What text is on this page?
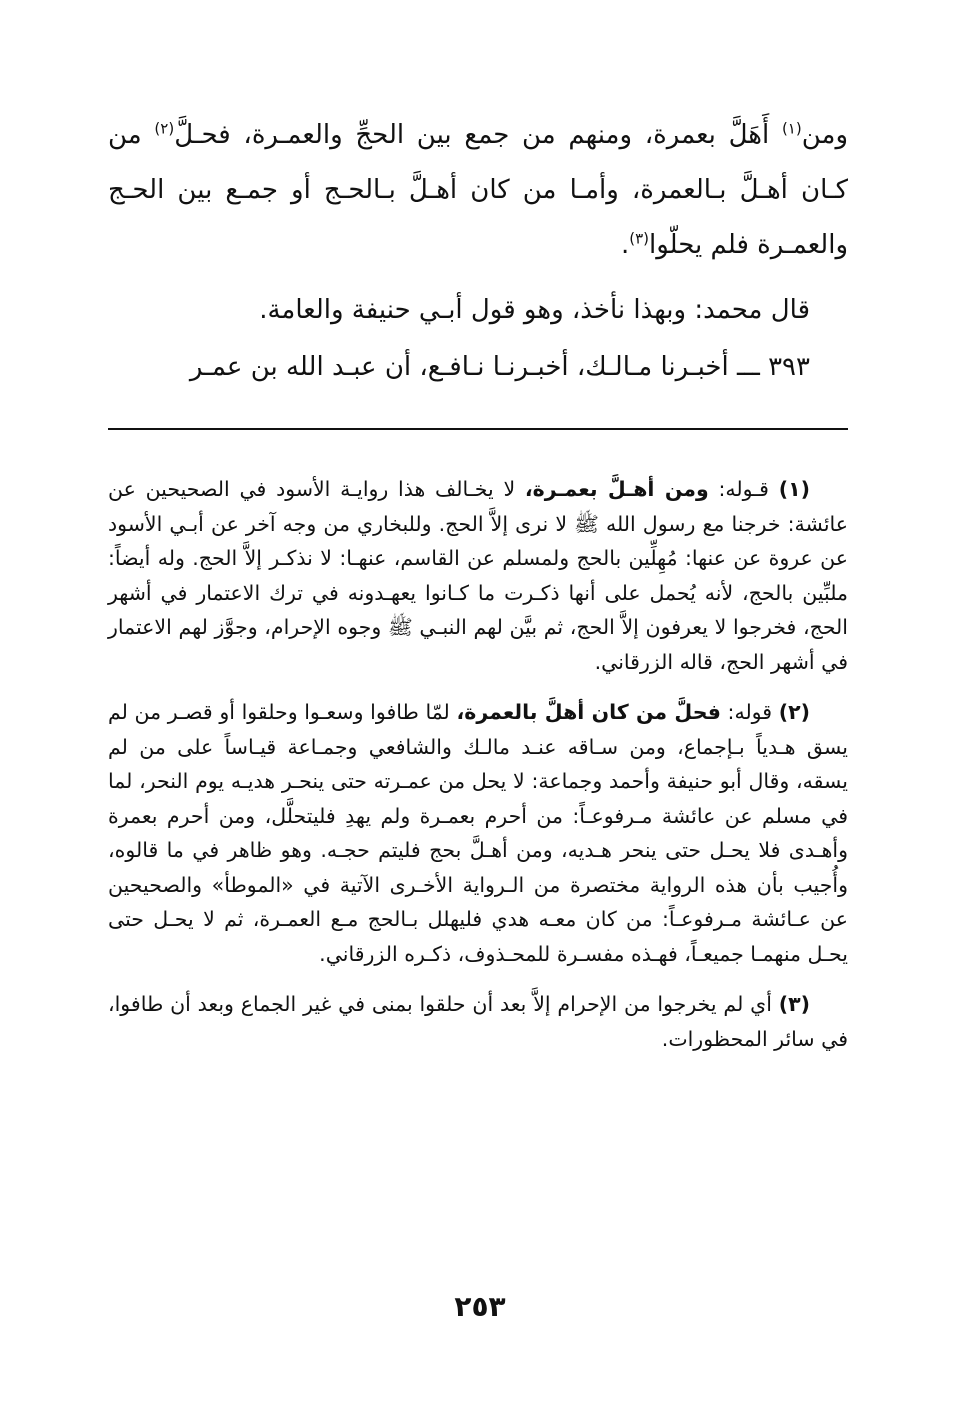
ومن$^{(١)}$ أَهَلَّ بعمرة، ومنهم من جمع بين الحجِّ والعمـرة، فحـلَّ$^{(٢)}$ من كـان أهـلَّ بـالعمرة، وأمـا من كان أهـلَّ بـالحـج أو جمـع بين الحـج والعمـرة فلم يحلّوا$^{(٣)}$.

قال محمد: وبهذا نأخذ، وهو قول أبـي حنيفة والعامة.

٣٩٣ ـــ أخبـرنا مـالـك، أخبـرنـا نـافـع، أن عبـد الله بن عمـر

(١) قـوله: ومن أهـلَّ بعمـرة، لا يخـالف هذا روايـة الأسود في الصحيحين عن عائشة: خرجنا مع رسول الله ﷺ لا نرى إلاَّ الحج. وللبخاري من وجه آخر عن أبـي الأسود عن عروة عن عنها: مُهِلِّين بالحج ولمسلم عن القاسم، عنهـا: لا نذكـر إلاَّ الحج. وله أيضاً: ملبِّين بالحج، لأنه يُحمل على أنها ذكـرت ما كـانوا يعهـدونه في ترك الاعتمار في أشهر الحج، فخرجوا لا يعرفون إلاَّ الحج، ثم بيَّن لهم النبـي ﷺ وجوه الإحرام، وجوَّز لهم الاعتمار في أشهر الحج، قاله الزرقاني.

(٢) قوله: فحلَّ من كان أهلَّ بالعمرة، لمّا طافوا وسعـوا وحلقوا أو قصـر من لم يسق هـدياً بـإجماع، ومن سـاقه عنـد مالـك والشافعي وجمـاعة قيـاساً على من لم يسقه، وقال أبو حنيفة وأحمد وجماعة: لا يحل من عمـرته حتى ينحـر هديـه يوم النحر، لما في مسلم عن عائشة مـرفوعـاً: من أحرم بعمـرة ولم يهدِ فليتحلَّل، ومن أحرم بعمرة وأهـدى فلا يحـل حتى ينحر هـديه، ومن أهـلَّ بحج فليتم حجـه. وهو ظاهر في ما قالوه، وأُجيب بأن هذه الرواية مختصرة من الـرواية الأخـرى الآتية في «الموطأ» والصحيحين عن عـائشة مـرفوعـاً: من كان معـه هدي فليهلل بـالحج مـع العمـرة، ثم لا يحـل حتى يحـل منهمـا جميعـاً، فهـذه مفسـرة للمحـذوف، ذكـره الزرقاني.

(٣) أي لم يخرجوا من الإحرام إلاَّ بعد أن حلقوا بمنى في غير الجماع وبعد أن طافوا، في سائر المحظورات.

٢٥٣
